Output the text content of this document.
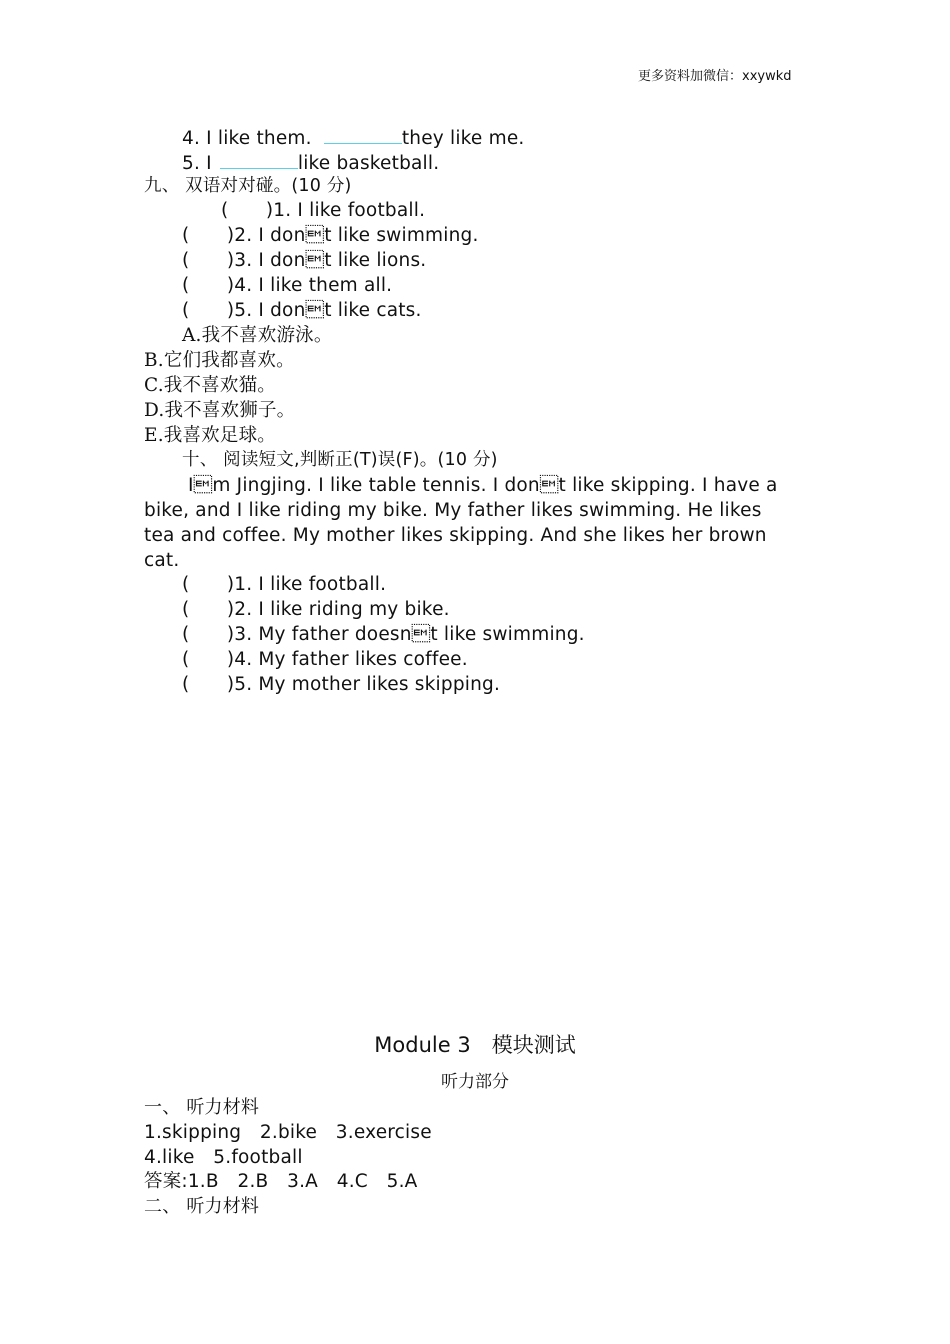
更多资料加微信：xxywkd
4. I like them.	they like me.
5. I	like basketball.
九、 双语对对碰。(10 分)
(　　)1. I like football.
(　　)2. I dont like swimming.
(　　)3. I dont like lions.
(　　)4. I like them all.
(　　)5. I dont like cats.
A.我不喜欢游泳。
B.它们我都喜欢。
C.我不喜欢猫。
D.我不喜欢狮子。
E.我喜欢足球。
十、 阅读短文,判断正(T)误(F)。(10 分)
Im Jingjing. I like table tennis. I dont like skipping. I have a bike, and I like riding my bike. My father likes swimming. He likes tea and coffee. My mother likes skipping. And she likes her brown cat.
(　　)1. I like football.
(　　)2. I like riding my bike.
(　　)3. My father doesnt like swimming.
(　　)4. My father likes coffee.
(　　)5. My mother likes skipping.
Module 3　模块测试
听力部分
一、 听力材料
1.skipping　2.bike　3.exercise
4.like　5.football
答案:1.B　2.B　3.A　4.C　5.A
二、 听力材料
